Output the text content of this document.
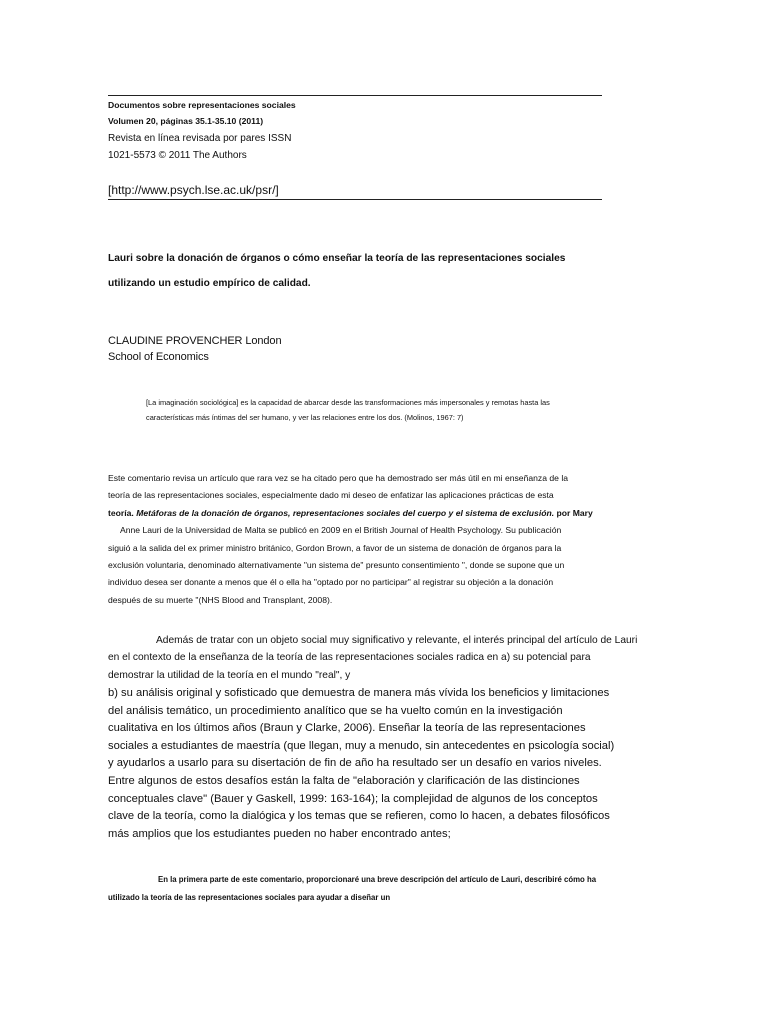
Documentos sobre representaciones sociales
Volumen 20, páginas 35.1-35.10 (2011)
Revista en línea revisada por pares ISSN
1021-5573 © 2011 The Authors
[http://www.psych.lse.ac.uk/psr/]
Lauri sobre la donación de órganos o cómo enseñar la teoría de las representaciones sociales
utilizando un estudio empírico de calidad.
CLAUDINE PROVENCHER London
School of Economics
[La imaginación sociológica] es la capacidad de abarcar desde las transformaciones más impersonales y remotas hasta las
características más íntimas del ser humano, y ver las relaciones entre los dos. (Molinos, 1967: 7)
Este comentario revisa un artículo que rara vez se ha citado pero que ha demostrado ser más útil en mi enseñanza de la
teoría de las representaciones sociales, especialmente dado mi deseo de enfatizar las aplicaciones prácticas de esta
teoría. Metáforas de la donación de órganos, representaciones sociales del cuerpo y el sistema de exclusión. por Mary
Anne Lauri de la Universidad de Malta se publicó en 2009 en el British Journal of Health Psychology. Su publicación
siguió a la salida del ex primer ministro británico, Gordon Brown, a favor de un sistema de donación de órganos para la
exclusión voluntaria, denominado alternativamente "un sistema de" presunto consentimiento ", donde se supone que un
individuo desea ser donante a menos que él o ella ha "optado por no participar" al registrar su objeción a la donación
después de su muerte "(NHS Blood and Transplant, 2008).
Además de tratar con un objeto social muy significativo y relevante, el interés principal del artículo de Lauri
en el contexto de la enseñanza de la teoría de las representaciones sociales radica en a) su potencial para
demostrar la utilidad de la teoría en el mundo "real", y
b) su análisis original y sofisticado que demuestra de manera más vívida los beneficios y limitaciones
del análisis temático, un procedimiento analítico que se ha vuelto común en la investigación
cualitativa en los últimos años (Braun y Clarke, 2006). Enseñar la teoría de las representaciones
sociales a estudiantes de maestría (que llegan, muy a menudo, sin antecedentes en psicología social)
y ayudarlos a usarlo para su disertación de fin de año ha resultado ser un desafío en varios niveles.
Entre algunos de estos desafíos están la falta de "elaboración y clarificación de las distinciones
conceptuales clave" (Bauer y Gaskell, 1999: 163-164); la complejidad de algunos de los conceptos
clave de la teoría, como la dialógica y los temas que se refieren, como lo hacen, a debates filosóficos
más amplios que los estudiantes pueden no haber encontrado antes;
En la primera parte de este comentario, proporcionaré una breve descripción del artículo de Lauri, describiré cómo ha
utilizado la teoría de las representaciones sociales para ayudar a diseñar un
